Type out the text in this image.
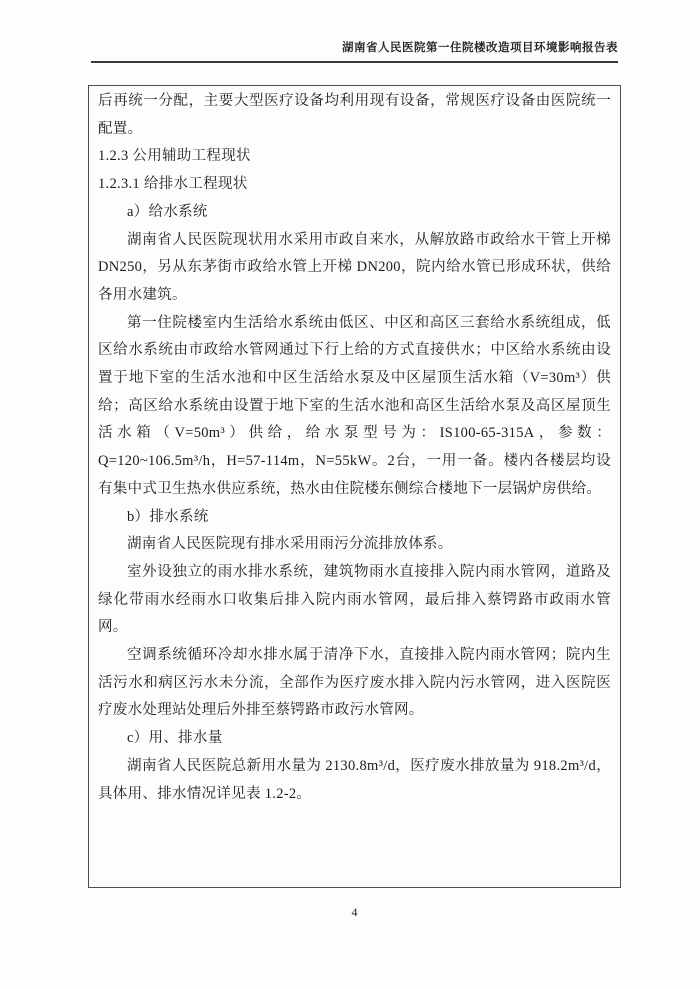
湖南省人民医院第一住院楼改造项目环境影响报告表

后再统一分配，主要大型医疗设备均利用现有设备，常规医疗设备由医院统一配置。

1.2.3 公用辅助工程现状

1.2.3.1 给排水工程现状

a）给水系统

湖南省人民医院现状用水采用市政自来水，从解放路市政给水干管上开梯 DN250，另从东茅街市政给水管上开梯 DN200，院内给水管已形成环状，供给各用水建筑。

第一住院楼室内生活给水系统由低区、中区和高区三套给水系统组成，低区给水系统由市政给水管网通过下行上给的方式直接供水；中区给水系统由设置于地下室的生活水池和中区生活给水泵及中区屋顶生活水箱（V=30m³）供给；高区给水系统由设置于地下室的生活水池和高区生活给水泵及高区屋顶生活水箱（V=50m³）供给，给水泵型号为：IS100-65-315A，参数：Q=120~106.5m³/h，H=57-114m，N=55kW。2台，一用一备。楼内各楼层均设有集中式卫生热水供应系统，热水由住院楼东侧综合楼地下一层锅炉房供给。

b）排水系统

湖南省人民医院现有排水采用雨污分流排放体系。

室外设独立的雨水排水系统，建筑物雨水直接排入院内雨水管网，道路及绿化带雨水经雨水口收集后排入院内雨水管网，最后排入蔡锷路市政雨水管网。

空调系统循环冷却水排水属于清净下水，直接排入院内雨水管网；院内生活污水和病区污水未分流，全部作为医疗废水排入院内污水管网，进入医院医疗废水处理站处理后外排至蔡锷路市政污水管网。

c）用、排水量

湖南省人民医院总新用水量为 2130.8m³/d，医疗废水排放量为 918.2m³/d，具体用、排水情况详见表 1.2-2。

4
